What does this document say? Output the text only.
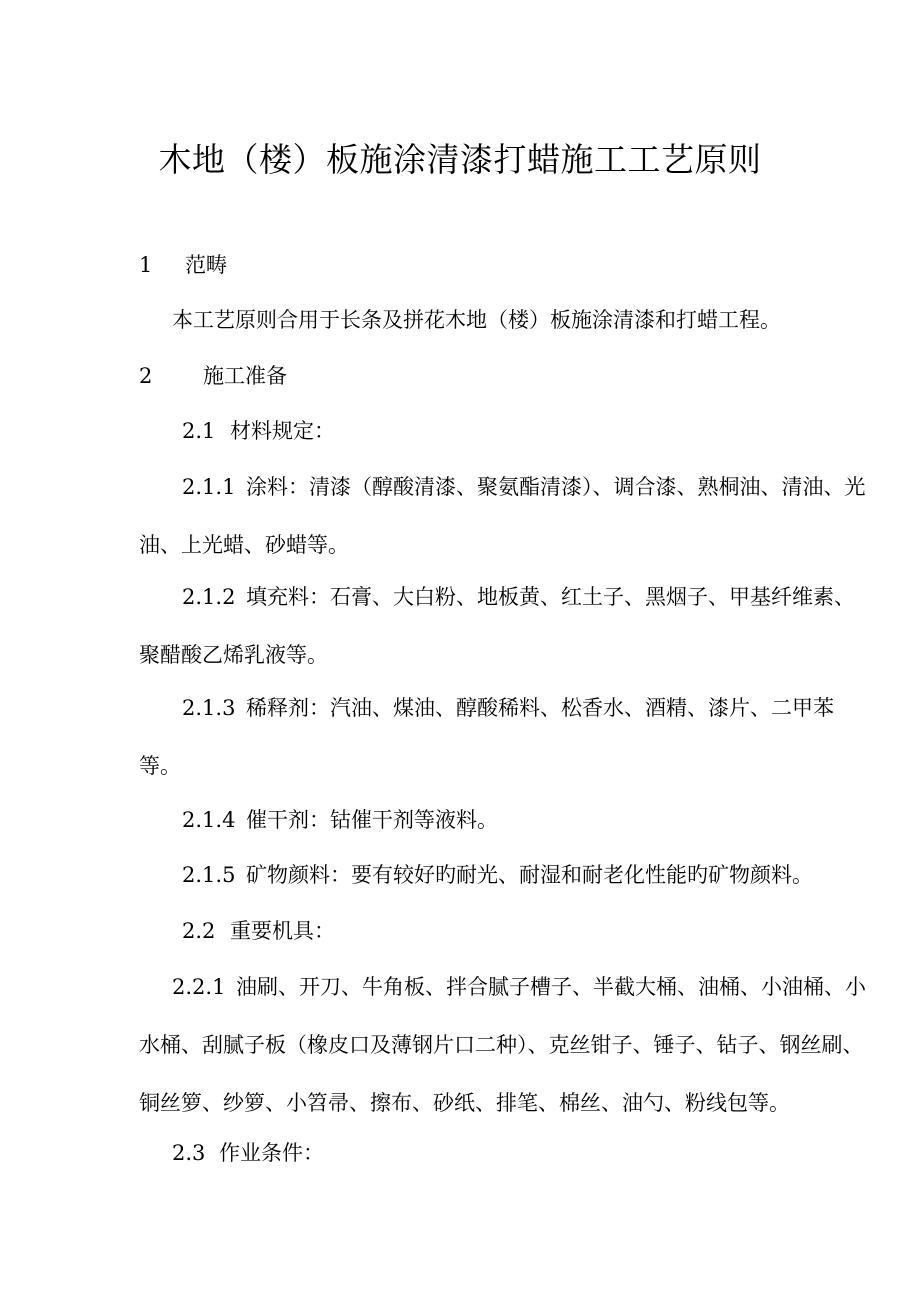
木地（楼）板施涂清漆打蜡施工工艺原则
1 范畴
本工艺原则合用于长条及拼花木地（楼）板施涂清漆和打蜡工程。
2 施工准备
2.1 材料规定：
2.1.1 涂料：清漆（醇酸清漆、聚氨酯清漆）、调合漆、熟桐油、清油、光油、上光蜡、砂蜡等。
2.1.2 填充料：石膏、大白粉、地板黄、红土子、黑烟子、甲基纤维素、聚醋酸乙烯乳液等。
2.1.3 稀释剂：汽油、煤油、醇酸稀料、松香水、酒精、漆片、二甲苯等。
2.1.4 催干剂：钴催干剂等液料。
2.1.5 矿物颜料：要有较好旳耐光、耐湿和耐老化性能旳矿物颜料。
2.2 重要机具：
2.2.1 油刷、开刀、牛角板、拌合腻子槽子、半截大桶、油桶、小油桶、小水桶、刮腻子板（橡皮口及薄钢片口二种）、克丝钳子、锤子、钻子、钢丝刷、铜丝箩、纱箩、小笤帚、擦布、砂纸、排笔、棉丝、油勺、粉线包等。
2.3 作业条件：
